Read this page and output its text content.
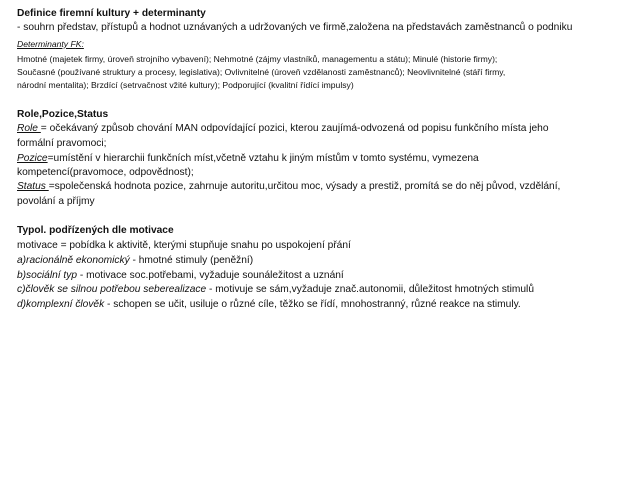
Definice firemní kultury + determinanty
- souhrn představ, přístupů a hodnot uznávaných a udržovaných ve firmě,založena na představách zaměstnanců o podniku
Determinanty FK:
Hmotné (majetek firmy, úroveň strojního vybavení); Nehmotné (zájmy vlastníků, managementu a státu); Minulé (historie firmy);
Současné (používané struktury a procesy, legislativa); Ovlivnitelné (úroveň vzdělanosti zaměstnanců); Neovlivnitelné (stáří firmy,
národní mentalita); Brzdící (setrvačnost vžité kultury); Podporující (kvalitní řídící impulsy)
Role,Pozice,Status
Role = očekávaný způsob chování MAN odpovídající pozici, kterou zaujímá-odvozená od popisu funkčního místa jeho
formální pravomoci;
Pozice=umístění v hierarchii funkčních míst,včetně vztahu k jiným místům v tomto systému, vymezena
kompetencí(pravomoce, odpovědnost);
Status =společenská hodnota pozice, zahrnuje autoritu,určitou moc, výsady a prestiž, promítá se do něj původ, vzdělání,
povolání a příjmy
Typol. podřízených dle motivace
motivace = pobídka k aktivitě, kterými stupňuje snahu po uspokojení přání
a)racionálně ekonomický - hmotné stimuly (peněžní)
b)sociální typ - motivace soc.potřebami, vyžaduje sounáležitost a uznání
c)člověk se silnou potřebou seberealizace - motivuje se sám,vyžaduje znač.autonomii, důležitost hmotných stimulů
d)komplexní člověk - schopen se učit, usiluje o různé cíle, těžko se řídí, mnohostranný, různé reakce na stimuly.
